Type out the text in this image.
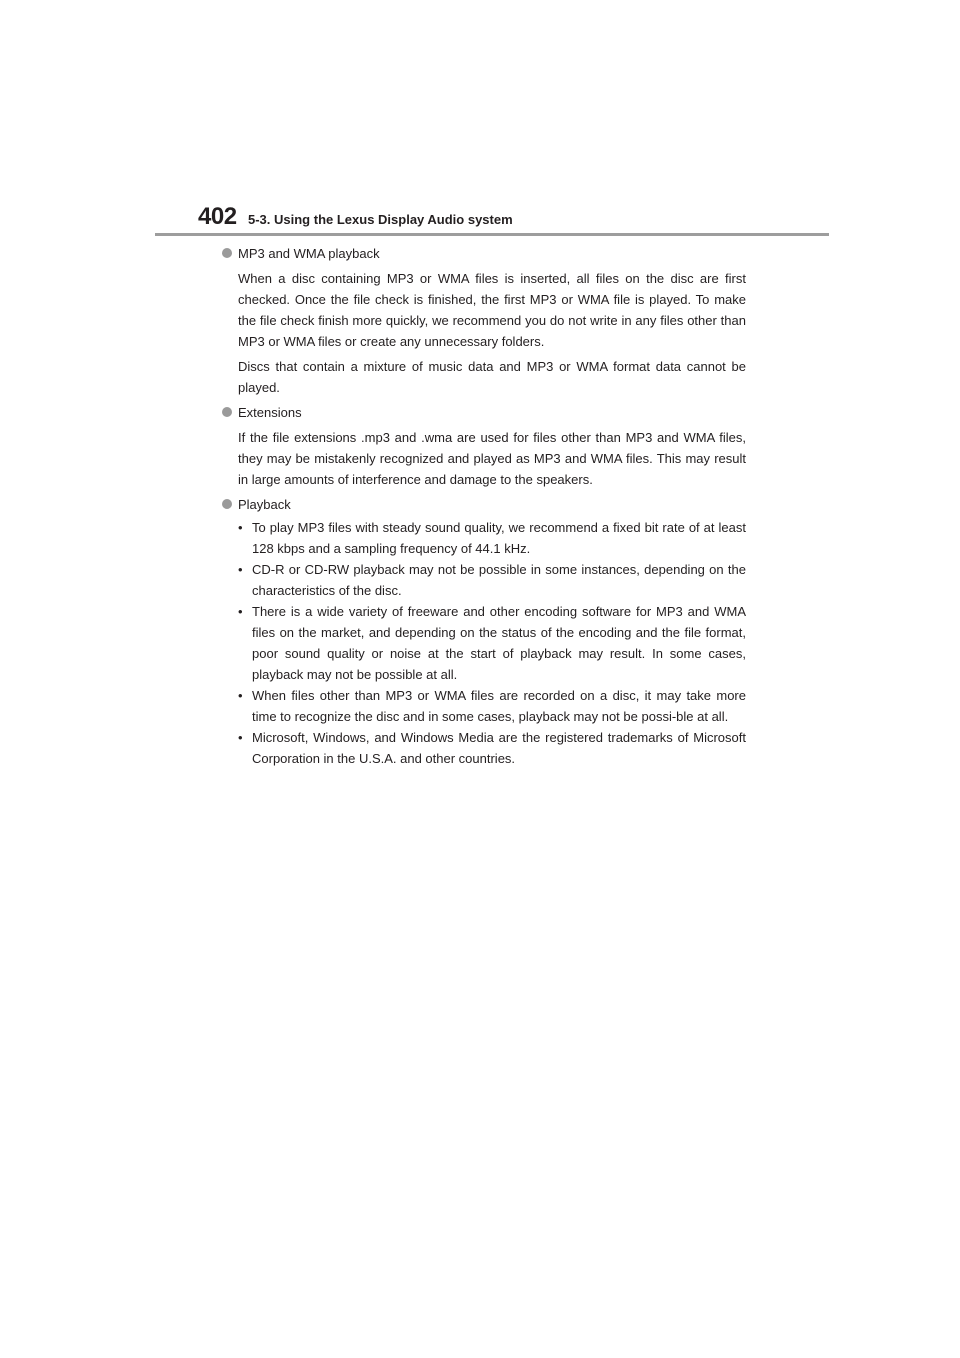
402 5-3. Using the Lexus Display Audio system
MP3 and WMA playback

When a disc containing MP3 or WMA files is inserted, all files on the disc are first checked. Once the file check is finished, the first MP3 or WMA file is played. To make the file check finish more quickly, we recommend you do not write in any files other than MP3 or WMA files or create any unnecessary folders.

Discs that contain a mixture of music data and MP3 or WMA format data cannot be played.

Extensions

If the file extensions .mp3 and .wma are used for files other than MP3 and WMA files, they may be mistakenly recognized and played as MP3 and WMA files. This may result in large amounts of interference and damage to the speakers.

Playback
• To play MP3 files with steady sound quality, we recommend a fixed bit rate of at least 128 kbps and a sampling frequency of 44.1 kHz.
• CD-R or CD-RW playback may not be possible in some instances, depending on the characteristics of the disc.
• There is a wide variety of freeware and other encoding software for MP3 and WMA files on the market, and depending on the status of the encoding and the file format, poor sound quality or noise at the start of playback may result. In some cases, playback may not be possible at all.
• When files other than MP3 or WMA files are recorded on a disc, it may take more time to recognize the disc and in some cases, playback may not be possi-ble at all.
• Microsoft, Windows, and Windows Media are the registered trademarks of Microsoft Corporation in the U.S.A. and other countries.
